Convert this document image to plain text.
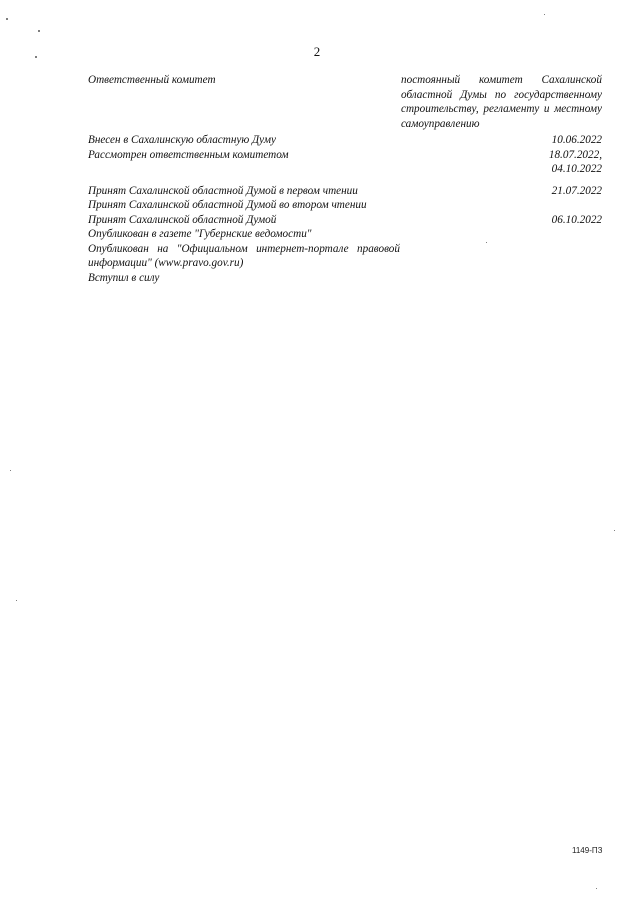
2
Ответственный комитет	постоянный комитет Сахалинской областной Думы по государственному строительству, регламенту и местному самоуправлению
Внесен в Сахалинскую областную Думу	10.06.2022
Рассмотрен ответственным комитетом	18.07.2022,
04.10.2022
Принят Сахалинской областной Думой в первом чтении	21.07.2022
Принят Сахалинской областной Думой во втором чтении
Принят Сахалинской областной Думой	06.10.2022
Опубликован в газете "Губернские ведомости"
Опубликован на "Официальном интернет-портале правовой информации" (www.pravo.gov.ru)
Вступил в силу
1149-ПЗ
